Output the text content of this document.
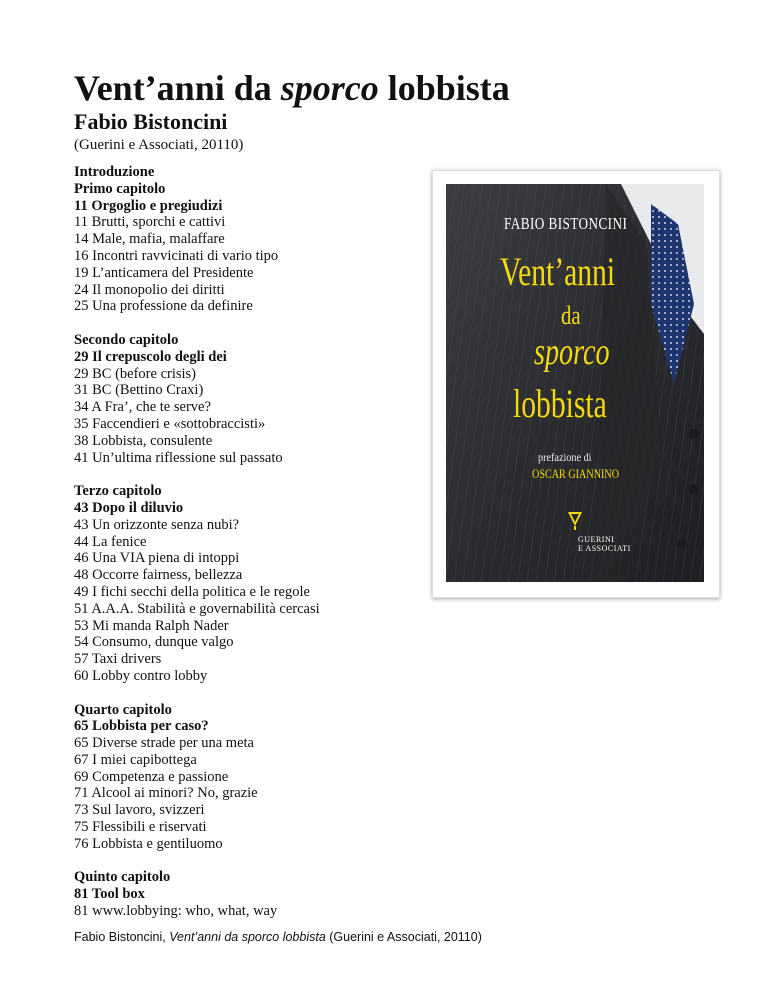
Vent’anni da sporco lobbista
Fabio Bistoncini
(Guerini e Associati, 20110)
Introduzione
Primo capitolo
11 Orgoglio e pregiudizi
11 Brutti, sporchi e cattivi
14 Male, mafia, malaffare
16 Incontri ravvicinati di vario tipo
19 L’anticamera del Presidente
24 Il monopolio dei diritti
25 Una professione da definire
Secondo capitolo
29 Il crepuscolo degli dei
29 BC (before crisis)
31 BC (Bettino Craxi)
34 A Fra’, che te serve?
35 Faccendieri e «sottobraccisti»
38 Lobbista, consulente
41 Un’ultima riflessione sul passato
Terzo capitolo
43 Dopo il diluvio
43 Un orizzonte senza nubi?
44 La fenice
46 Una VIA piena di intoppi
48 Occorre fairness, bellezza
49 I fichi secchi della politica e le regole
51 A.A.A. Stabilità e governabilità cercasi
53 Mi manda Ralph Nader
54 Consumo, dunque valgo
57 Taxi drivers
60 Lobby contro lobby
Quarto capitolo
65 Lobbista per caso?
65 Diverse strade per una meta
67 I miei capibottega
69 Competenza e passione
71 Alcool ai minori? No, grazie
73 Sul lavoro, svizzeri
75 Flessibili e riservati
76 Lobbista e gentiluomo
Quinto capitolo
81 Tool box
81 www.lobbying: who, what, way
FABIO BISTONCINI
Vent’anni
da
sporco
lobbista
prefazione di
OSCAR GIANNINO
GUERINI
E ASSOCIATI
Fabio Bistoncini, Vent’anni da sporco lobbista (Guerini e Associati, 20110)
